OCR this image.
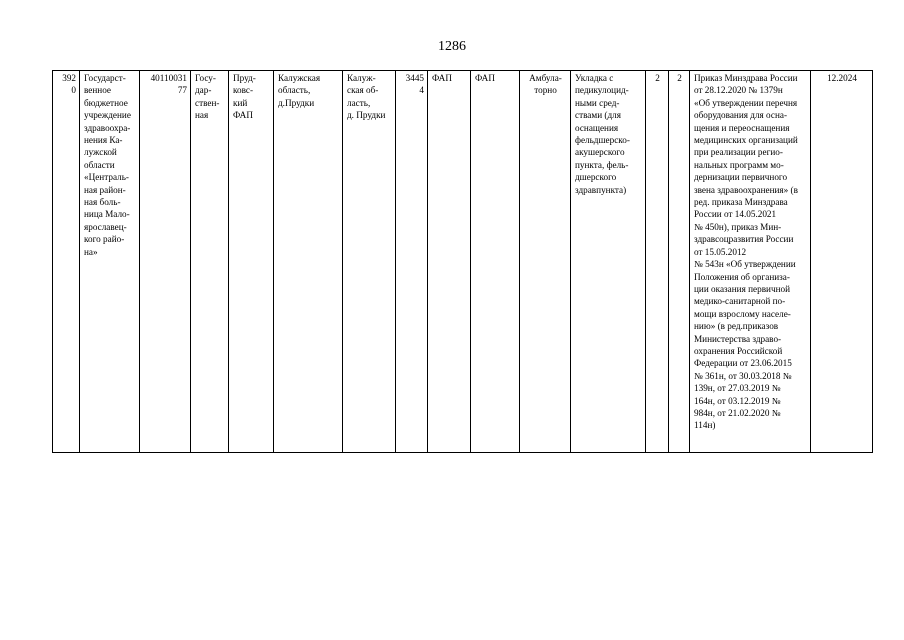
1286
392
0	Государст-
венное
бюджетное
учреждение
здравоохра-
нения Ка-
лужской
области
«Централь-
ная район-
ная боль-
ница Мало-
ярославец-
кого райо-
на»	40110031
77	Госу-
дар-
ствен-
ная	Пруд-
ковс-
кий
ФАП	Калужская
область,
д.Прудки	Калуж-
ская об-
ласть,
д. Прудки	3445
4	ФАП	ФАП	Амбула-
торно	Укладка с
педикулоцид-
ными сред-
ствами (для
оснащения
фельдшерско-
акушерского
пункта, фель-
дшерского
здравпункта)	2	2	Приказ Минздрава России
от 28.12.2020 № 1379н
«Об утверждении перечня
оборудования для осна-
щения и переоснащения
медицинских организаций
при реализации регио-
нальных программ мо-
дернизации первичного
звена здравоохранения» (в
ред. приказа Минздрава
России от 14.05.2021
№ 450н), приказ Мин-
здравсоцразвития России
от 15.05.2012
№ 543н «Об утверждении
Положения об организа-
ции оказания первичной
медико-санитарной по-
мощи взрослому населе-
нию» (в ред.приказов
Министерства здраво-
охранения Российской
Федерации от 23.06.2015
№ 361н, от 30.03.2018 №
139н, от 27.03.2019 №
164н, от 03.12.2019 №
984н, от 21.02.2020 №
114н)	12.2024
